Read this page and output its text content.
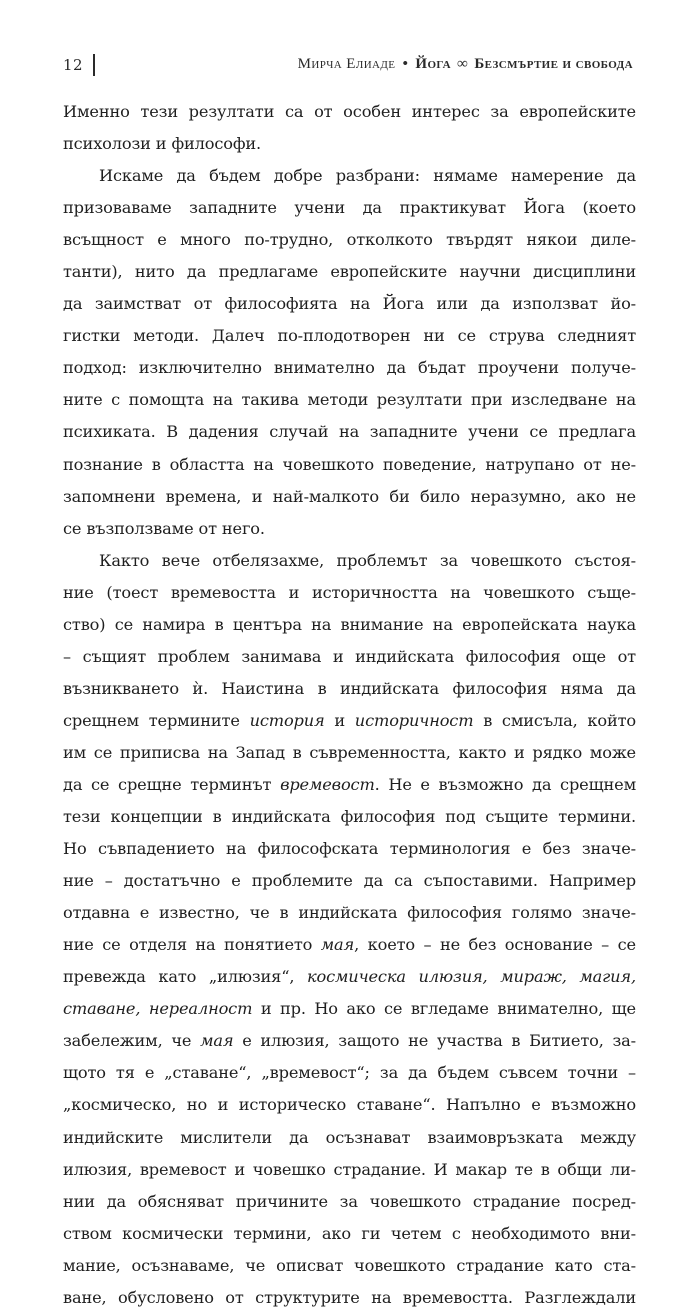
12	Мирча Елиаде • Йога ∞ Безсмъртие и свобода
Именно тези резултати са от особен интерес за европейските
психолози и философи.
Искаме да бъдем добре разбрани: нямаме намерение да
призоваваме западните учени да практикуват Йога (което
всъщност е много по-трудно, отколкото твърдят някои диле-
танти), нито да предлагаме европейските научни дисциплини
да заимстват от философията на Йога или да използват йо-
гистки методи. Далеч по-плодотворен ни се струва следният
подход: изключително внимателно да бъдат проучени получе-
ните с помощта на такива методи резултати при изследване на
психиката. В дадения случай на западните учени се предлага
познание в областта на човешкото поведение, натрупано от не-
запомнени времена, и най-малкото би било неразумно, ако не
се възползваме от него.
Както вече отбелязахме, проблемът за човешкото състоя-
ние (тоест времевостта и историчността на човешкото съще-
ство) се намира в центъра на внимание на европейската наука
– същият проблем занимава и индийската философия още от
възникването ѝ. Наистина в индийската философия няма да
срещнем термините история и историчност в смисъла, който
им се приписва на Запад в съвременността, както и рядко може
да се срещне терминът времевост. Не е възможно да срещнем
тези концепции в индийската философия под същите термини.
Но съвпадението на философската терминология е без значе-
ние – достатъчно е проблемите да са съпоставими. Например
отдавна е известно, че в индийската философия голямо значе-
ние се отделя на понятието мая, което – не без основание – се
превежда като „илюзия“, космическа илюзия, мираж, магия,
ставане, нереалност и пр. Но ако се вгледаме внимателно, ще
забележим, че мая е илюзия, защото не участва в Битието, за-
щото тя е „ставане“, „времевост“; за да бъдем съвсем точни –
„космическо, но и историческо ставане“. Напълно е възможно
индийските мислители да осъзнават взаимовръзката между
илюзия, времевост и човешко страдание. И макар те в общи ли-
нии да обясняват причините за човешкото страдание посред-
ством космически термини, ако ги четем с необходимото вни-
мание, осъзнаваме, че описват човешкото страдание като ста-
ване, обусловено от структурите на времевостта. Разглеждали
